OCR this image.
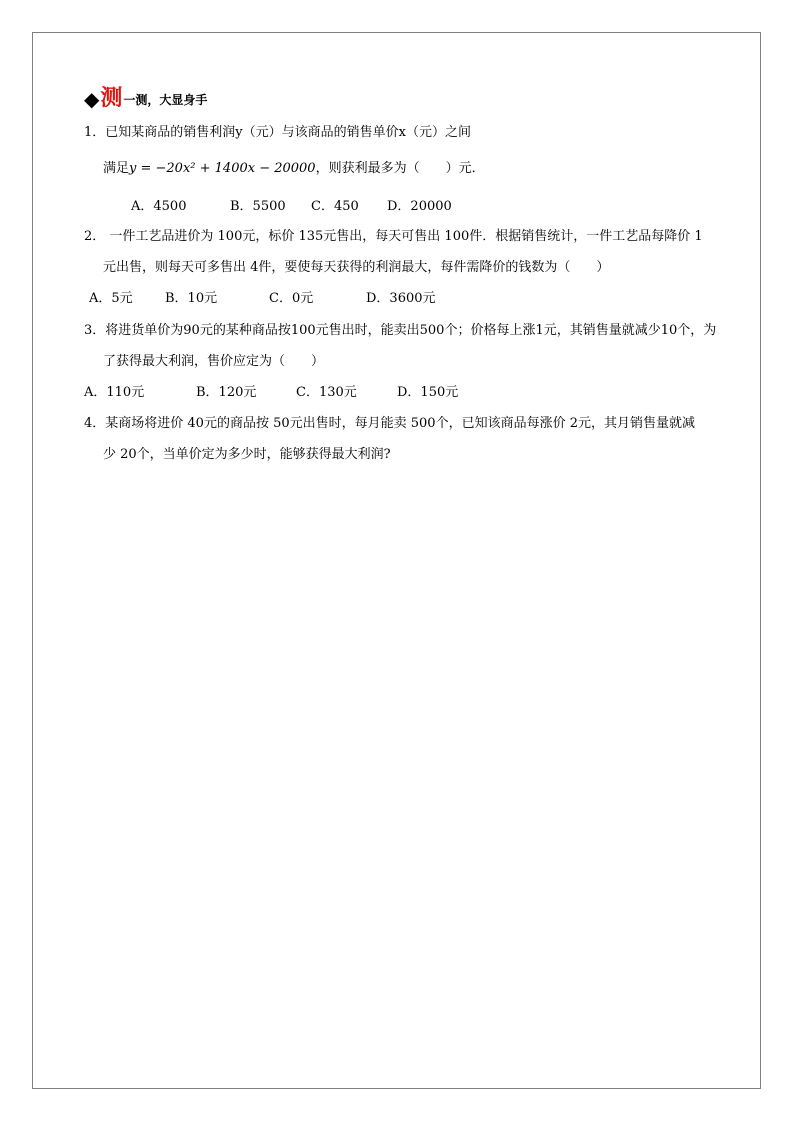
◆ 测 一测，大显身手
1．已知某商品的销售利润y（元）与该商品的销售单价x（元）之间
满足y = −20x² + 1400x − 20000，则获利最多为（　　）元．
A．4500	B．5500 C．450 D．20000
2． 一件工艺品进价为 100元，标价 135元售出，每天可售出 100件．根据销售统计，一件工艺品每降价 1
元出售，则每天可多售出 4件，要使每天获得的利润最大，每件需降价的钱数为（　　）
A．5元 B．10元	C．0元	D．3600元
3．将进货单价为90元的某种商品按100元售出时，能卖出500个；价格每上涨1元，其销售量就减少10个，为
了获得最大利润，售价应定为（　　）
A．110元	B．120元	C．130元	D．150元
4．某商场将进价 40元的商品按 50元出售时，每月能卖 500个，已知该商品每涨价 2元，其月销售量就减
少 20个，当单价定为多少时，能够获得最大利润?
